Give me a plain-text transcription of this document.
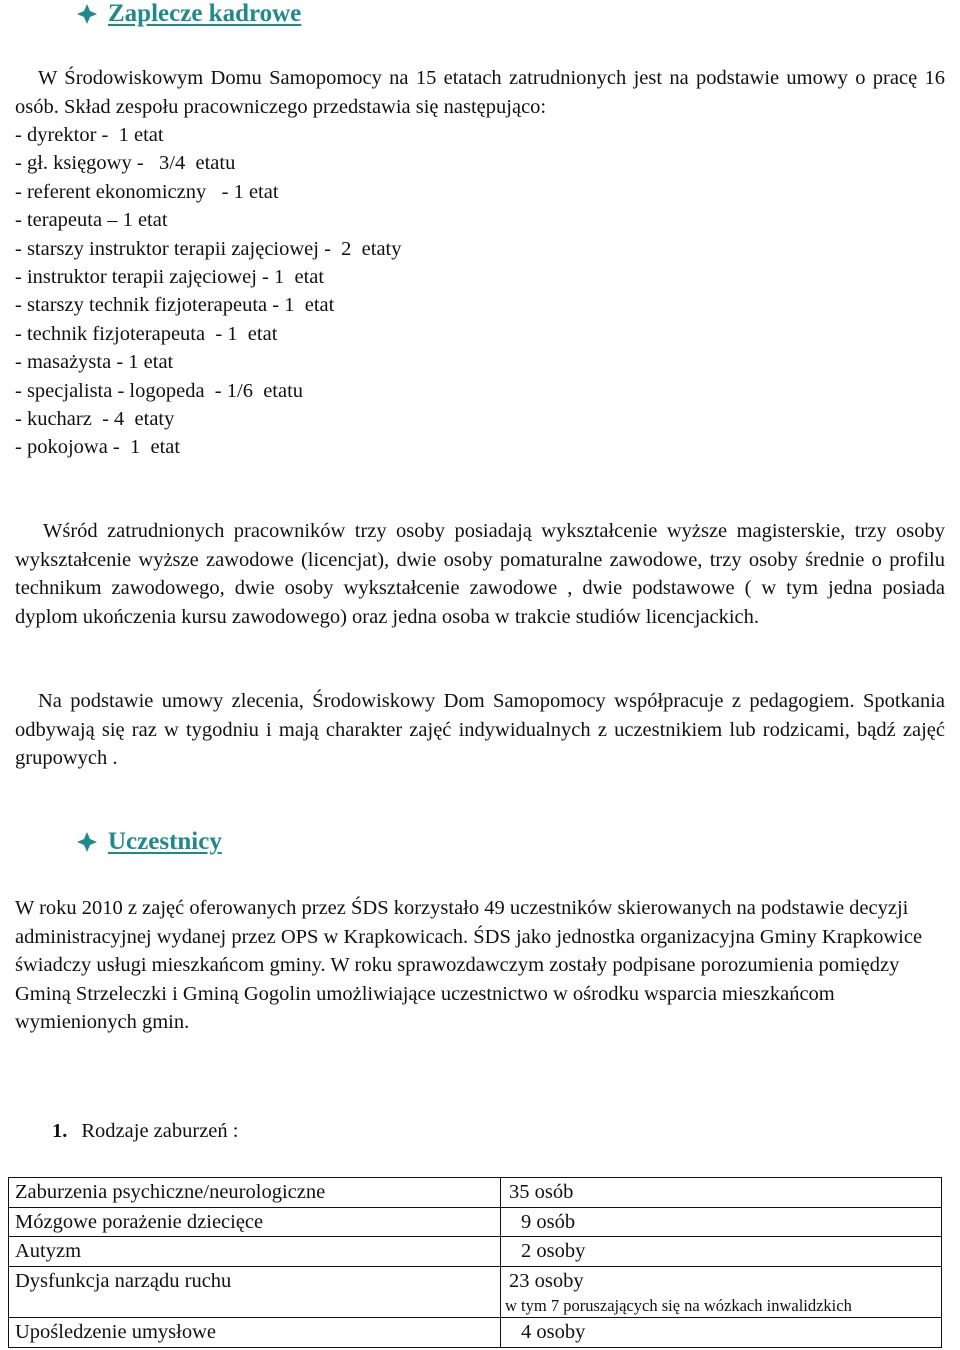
Zaplecze kadrowe

W Środowiskowym Domu Samopomocy na 15 etatach zatrudnionych jest na podstawie umowy o pracę 16 osób. Skład zespołu pracowniczego przedstawia się następująco:

- dyrektor -  1 etat
- gł. księgowy -   3/4  etatu
- referent ekonomiczny   - 1 etat
- terapeuta – 1 etat
- starszy instruktor terapii zajęciowej -  2  etaty
- instruktor terapii zajęciowej - 1  etat
- starszy technik fizjoterapeuta - 1  etat
- technik fizjoterapeuta  - 1  etat
- masażysta - 1 etat
- specjalista - logopeda  - 1/6  etatu
- kucharz  - 4  etaty
- pokojowa -  1  etat

Wśród zatrudnionych pracowników trzy osoby posiadają wykształcenie wyższe magisterskie, trzy osoby wykształcenie wyższe zawodowe (licencjat), dwie osoby pomaturalne zawodowe, trzy osoby średnie o profilu technikum zawodowego, dwie osoby wykształcenie zawodowe , dwie podstawowe ( w tym jedna posiada dyplom ukończenia kursu zawodowego) oraz jedna osoba w trakcie studiów licencjackich.

Na podstawie umowy zlecenia, Środowiskowy Dom Samopomocy współpracuje z pedagogiem. Spotkania odbywają się raz w tygodniu i mają charakter zajęć indywidualnych z uczestnikiem lub rodzicami, bądź zajęć grupowych .

Uczestnicy

W roku 2010 z zajęć oferowanych przez ŚDS korzystało 49 uczestników skierowanych na podstawie decyzji administracyjnej wydanej przez OPS w Krapkowicach. ŚDS jako jednostka organizacyjna Gminy Krapkowice świadczy usługi mieszkańcom gminy. W roku sprawozdawczym zostały podpisane porozumienia pomiędzy Gminą Strzeleczki i Gminą Gogolin umożliwiające uczestnictwo w ośrodku wsparcia mieszkańcom wymienionych gmin.

1. Rodzaje zaburzeń :
Zaburzenia psychiczne/neurologiczne	35 osób

Mózgowe porażenie dziecięce	9 osób

Autyzm	2 osoby

Dysfunkcja narządu ruchu	23 osoby
w tym 7 poruszających się na wózkach inwalidzkich

Upośledzenie umysłowe	4 osoby
